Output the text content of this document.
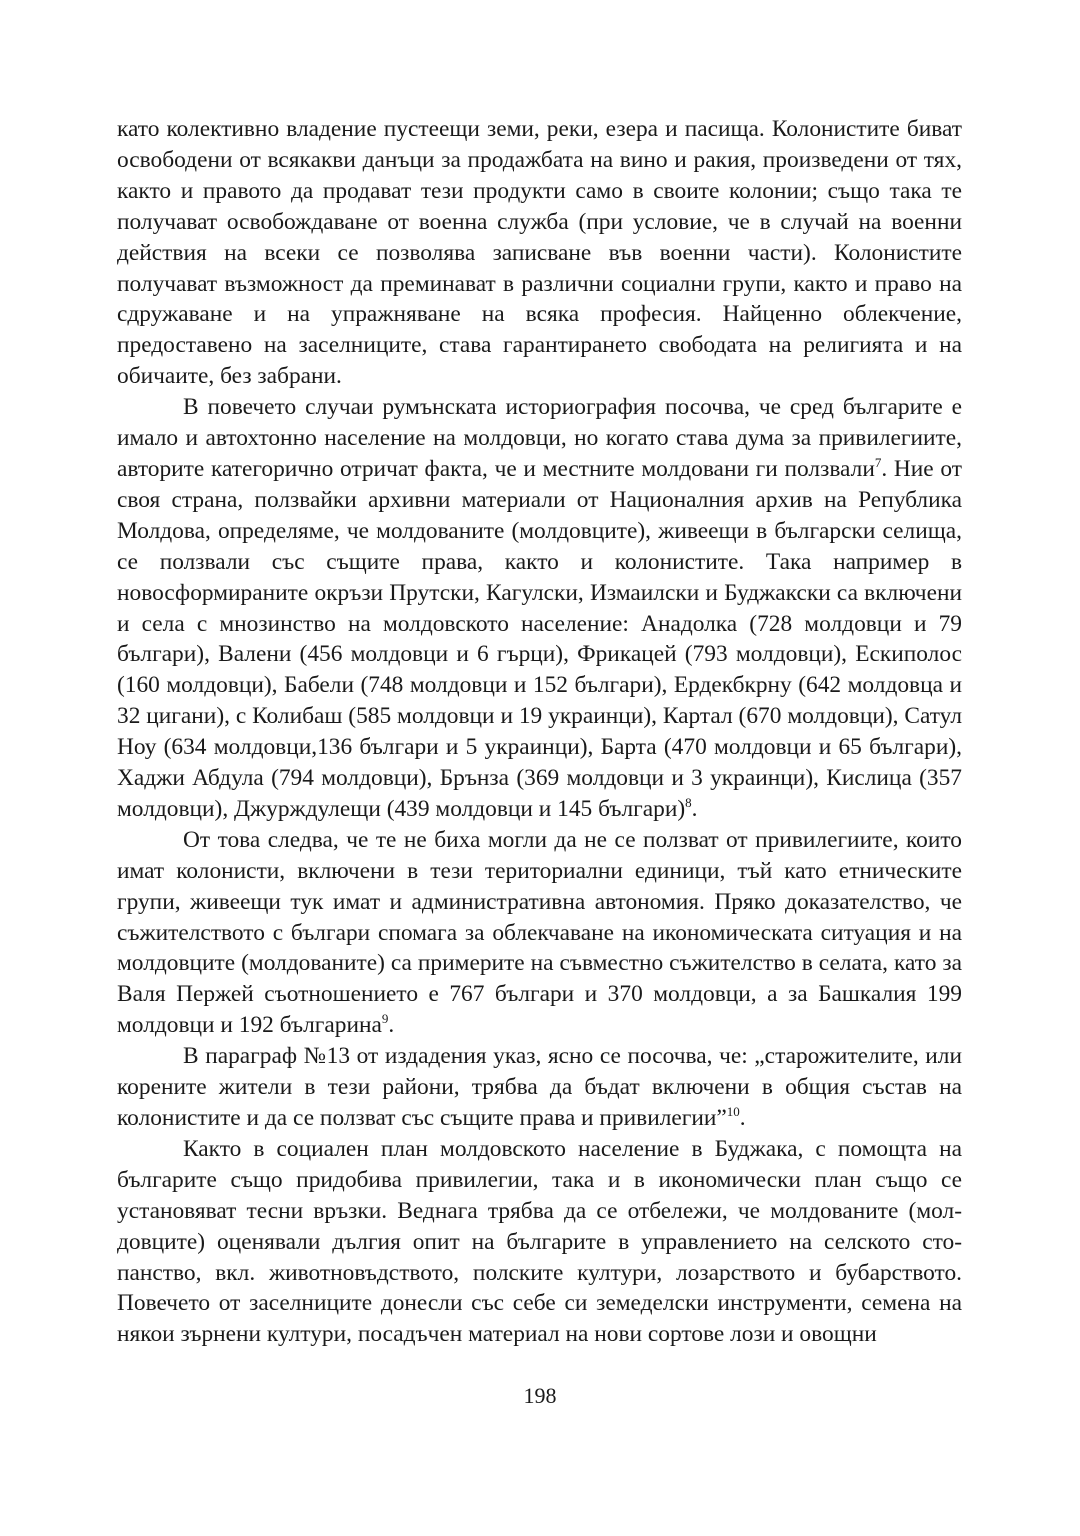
като колективно владение пустеещи земи, реки, езера и пасища. Колонистите биват освободени от всякакви данъци за продажбата на вино и ракия, произведени от тях, както и правото да продават тези продукти само в своите колонии; също така те получават освобождаване от военна служба (при условие, че в случай на военни действия на всеки се позволява записване във военни части). Колонистите получават възможност да преминават в различни социални групи, както и право на сдружаване и на упражняване на всяка професия. Найценно облекчение, предоставено на заселниците, става гарантирането свободата на религията и на обичаите, без забрани.

В повечето случаи румънската историография посочва, че сред българите е имало и автохтонно население на молдовци, но когато става дума за привилегиите, авторите категорично отричат факта, че и местните молдовани ги ползвали$^7$. Ние от своя страна, ползвайки архивни материали от Националния архив на Република Молдова, определяме, че молдованите (молдовците), живеещи в български селища, се ползвали със същите права, както и колонистите. Така например в новосформираните окръзи Прутски, Кагулски, Измаилски и Буджакски са включени и села с мнозинство на молдовското население: Анадолка (728 молдовци и 79 българи), Валени (456 молдовци и 6 гърци), Фрикацей (793 молдовци), Ескиполос (160 молдовци), Бабели (748 молдовци и 152 българи), Ердекбкрну (642 молдовца и 32 цигани), с Колибаш (585 молдовци и 19 украинци), Картал (670 молдовци), Сатул Ноу (634 молдовци,136 българи и 5 украинци), Барта (470 молдовци и 65 българи), Хаджи Абдула (794 молдовци), Брънза (369 молдовци и 3 украинци), Кислица (357 молдовци), Джурждулещи (439 молдовци и 145 българи)$^8$.

От това следва, че те не биха могли да не се ползват от привилегиите, които имат колонисти, включени в тези териториални единици, тъй като етническите групи, живеещи тук имат и административна автономия. Пряко доказателство, че съжителството с българи спомага за облекчаване на икономическата ситуация и на молдовците (молдованите) са примерите на съвместно съжителство в селата, като за Валя Пержей съотношението е 767 българи и 370 молдовци, а за Башкалия 199 молдовци и 192 българина$^9$.

В параграф №13 от издадения указ, ясно се посочва, че: „старожителите, или корените жители в тези райони, трябва да бъдат включени в общия състав на колонистите и да се ползват със същите права и привилегии”$^{10}$.

Както в социален план молдовското население в Буджака, с помощта на българите също придобива привилегии, така и в икономически план също се установяват тесни връзки. Веднага трябва да се отбележи, че молдованите (молдовците) оценявали дългия опит на българите в управлението на селското стопанство, вкл. животновъдството, полските култури, лозарството и бубарството. Повечето от заселниците донесли със себе си земеделски инструменти, семена на някои зърнени култури, посадъчен материал на нови сортове лози и овощни

198
